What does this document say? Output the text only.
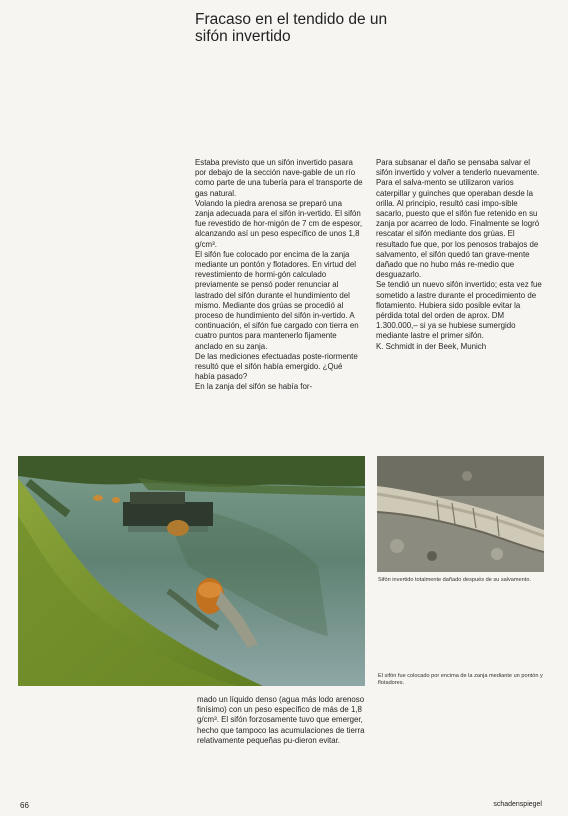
Fracaso en el tendido de un sifón invertido

Estaba previsto que un sifón invertido pasara por debajo de la sección nave-gable de un río como parte de una tubería para el transporte de gas natural.

Volando la piedra arenosa se preparó una zanja adecuada para el sifón in-vertido. El sifón fue revestido de hor-migón de 7 cm de espesor, alcanzando así un peso específico de unos 1,8 g/cm³.

El sifón fue colocado por encima de la zanja mediante un pontón y flotadores. En virtud del revestimiento de hormi-gón calculado previamente se pensó poder renunciar al lastrado del sifón durante el hundimiento del mismo. Mediante dos grúas se procedió al proceso de hundimiento del sifón in-vertido. A continuación, el sifón fue cargado con tierra en cuatro puntos para mantenerlo fijamente anclado en su zanja.

De las mediciones efectuadas poste-riormente resultó que el sifón había emergido. ¿Qué había pasado?

En la zanja del sifón se había for-

Para subsanar el daño se pensaba salvar el sifón invertido y volver a tenderlo nuevamente. Para el salva-mento se utilizaron varios caterpillar y guinches que operaban desde la orilla. Al principio, resultó casi impo-sible sacarlo, puesto que el sifón fue retenido en su zanja por acarreo de lodo. Finalmente se logró rescatar el sifón mediante dos grúas. El resultado fue que, por los penosos trabajos de salvamento, el sifón quedó tan grave-mente dañado que no hubo más re-medio que desguazarlo.

Se tendió un nuevo sifón invertido; esta vez fue sometido a lastre durante el procedimiento de flotamiento. Hubiera sido posible evitar la pérdida total del orden de aprox. DM 1.300.000,– si ya se hubiese sumergido mediante lastre el primer sifón.

K. Schmidt in der Beek, Munich

Sifón invertido totalmente dañado después de su salvamento.

El sifón fue colocado por encima de la zanja mediante un pontón y flotadores.

mado un líquido denso (agua más lodo arenoso finísimo) con un peso específico de más de 1,8 g/cm³. El sifón forzosamente tuvo que emerger, hecho que tampoco las acumulaciones de tierra relativamente pequeñas pu-dieron evitar.

66	schadenspiegel
